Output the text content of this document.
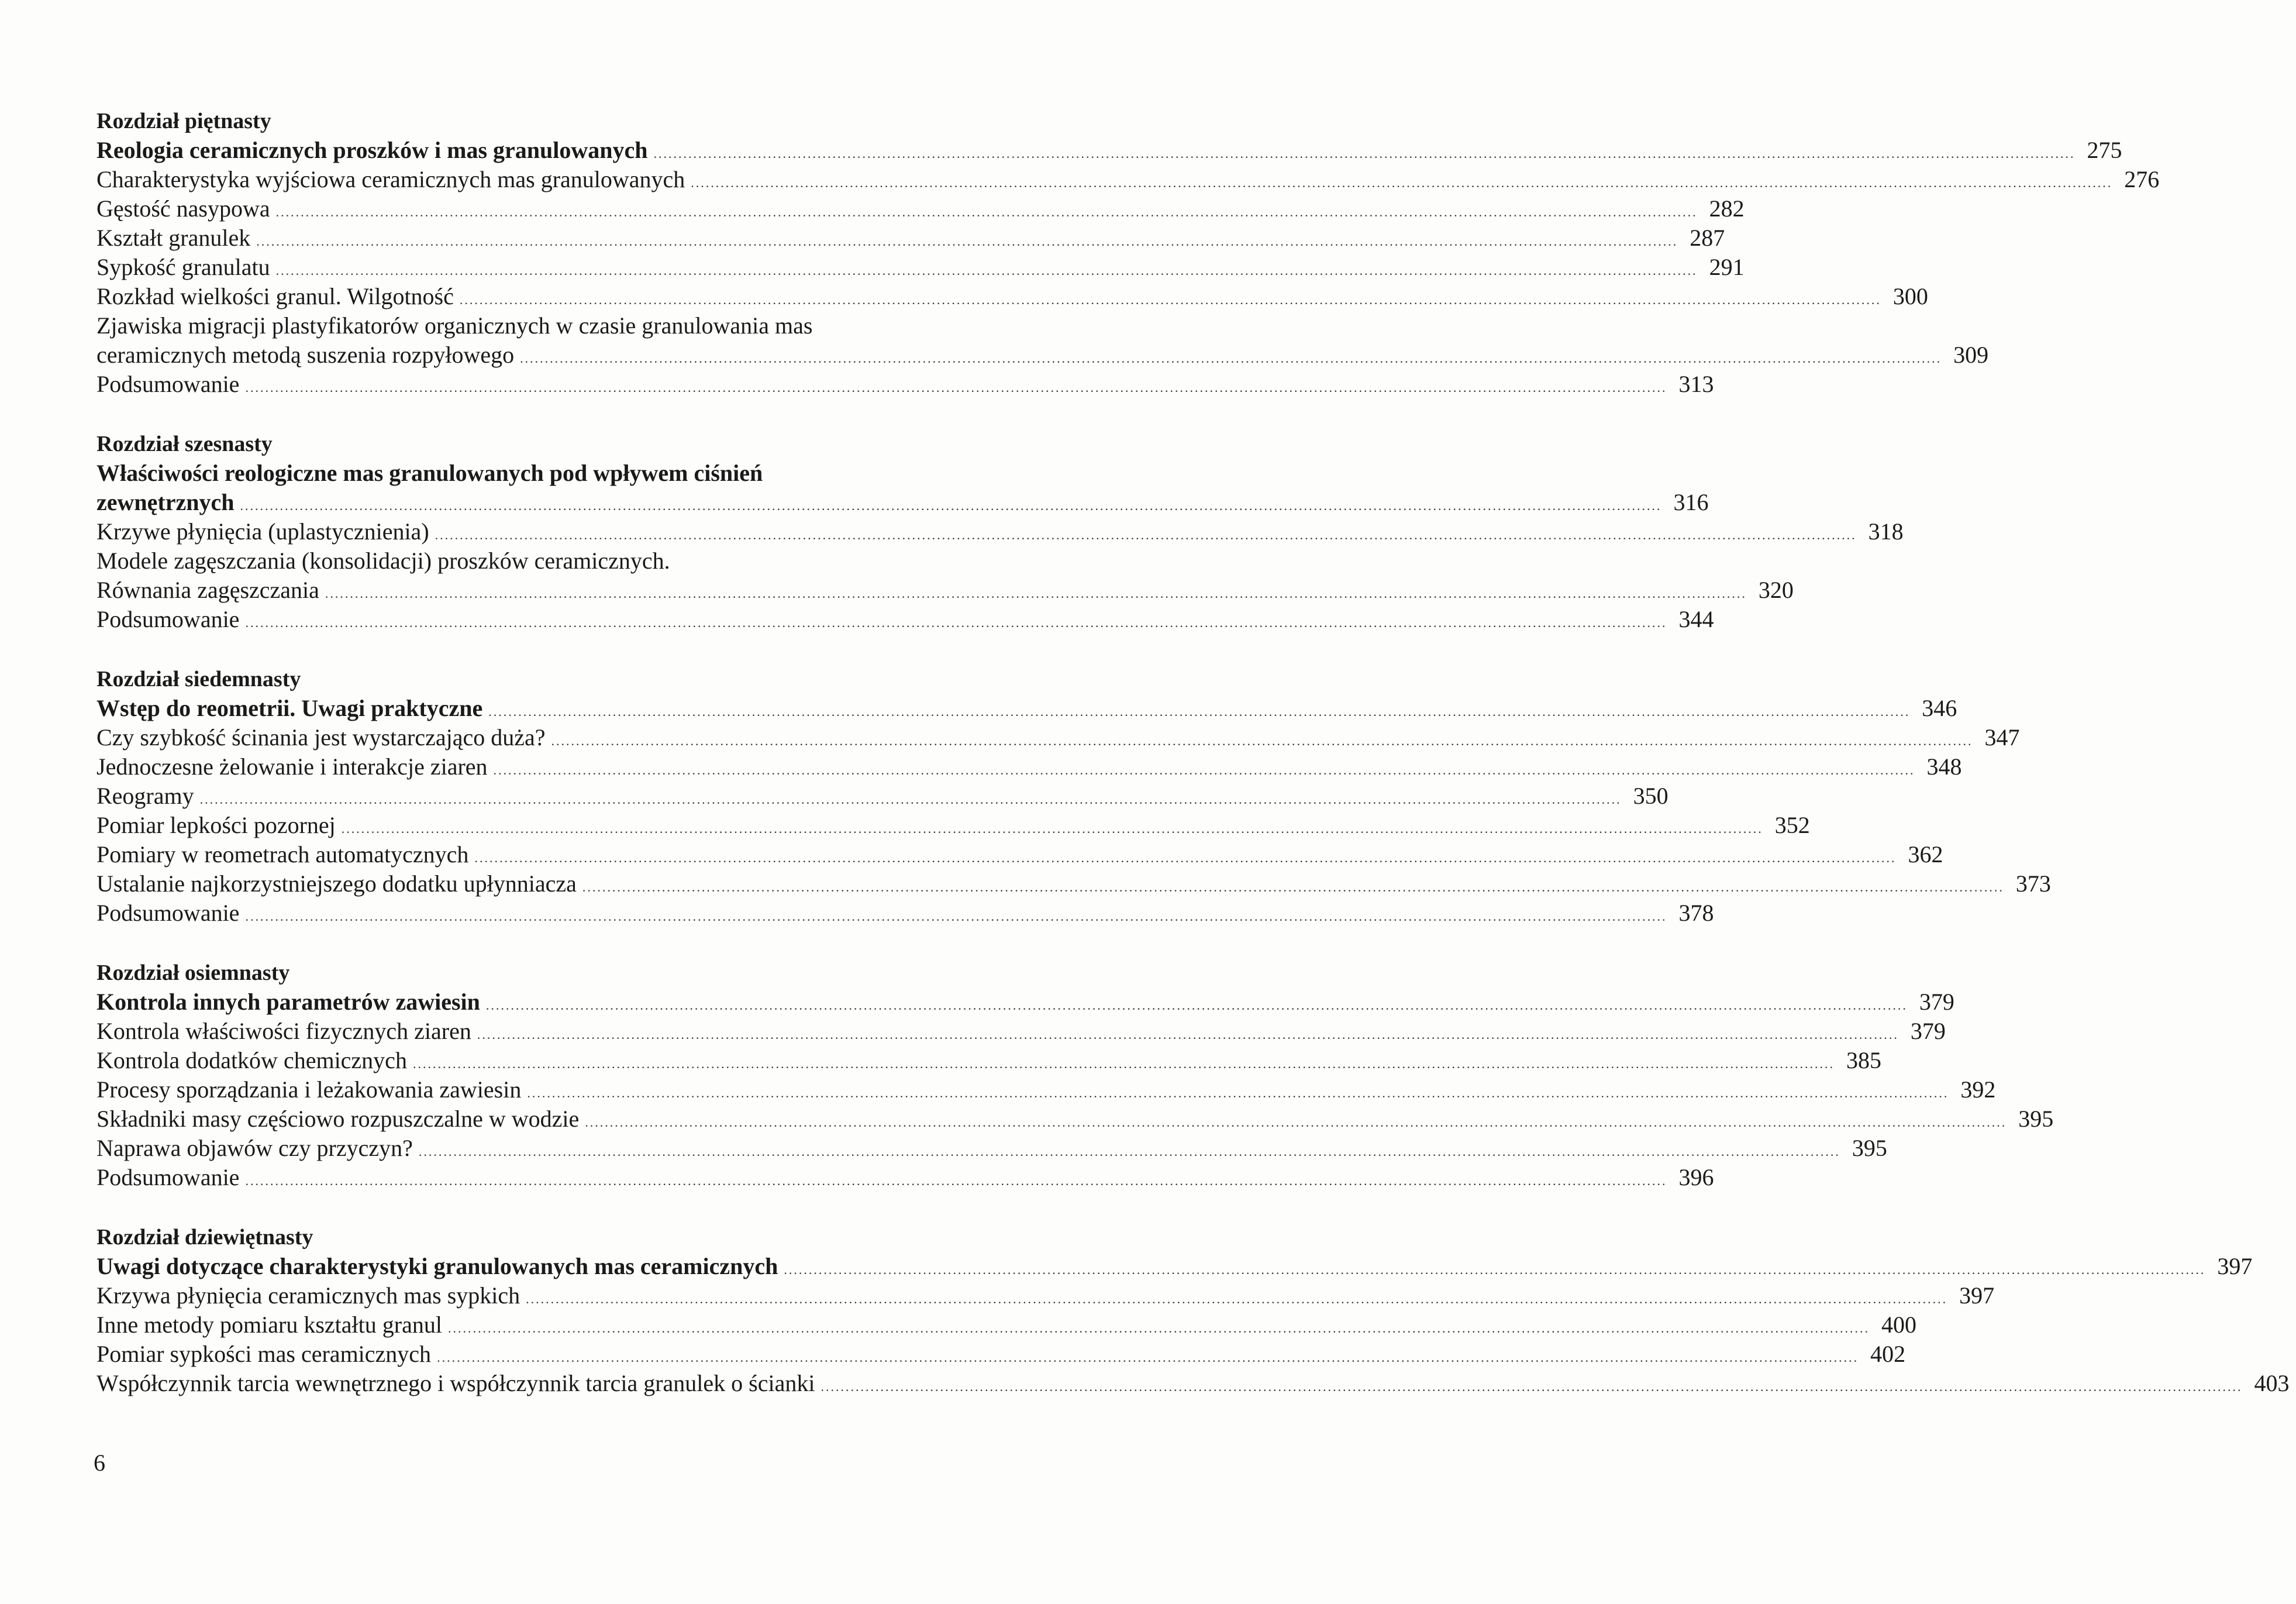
Rozdział piętnasty
Reologia ceramicznych proszków i mas granulowanych .....	275
Charakterystyka wyjściowa ceramicznych mas granulowanych .....	276
Gęstość nasypowa .....	282
Kształt granulek .....	287
Sypkość granulatu .....	291
Rozkład wielkości granul. Wilgotność .....	300
Zjawiska migracji plastyfikatorów organicznych w czasie granulowania mas
ceramicznych metodą suszenia rozpyłowego .....	309
Podsumowanie .....	313
Rozdział szesnasty
Właściwości reologiczne mas granulowanych pod wpływem ciśnień
zewnętrznych .....	316
Krzywe płynięcia (uplastycznienia) .....	318
Modele zagęszczania (konsolidacji) proszków ceramicznych.
Równania zagęszczania .....	320
Podsumowanie .....	344
Rozdział siedemnasty
Wstęp do reometrii. Uwagi praktyczne .....	346
Czy szybkość ścinania jest wystarczająco duża? .....	347
Jednoczesne żelowanie i interakcje ziaren .....	348
Reogramy .....	350
Pomiar lepkości pozornej .....	352
Pomiary w reometrach automatycznych .....	362
Ustalanie najkorzystniejszego dodatku upłynniacza .....	373
Podsumowanie .....	378
Rozdział osiemnasty
Kontrola innych parametrów zawiesin .....	379
Kontrola właściwości fizycznych ziaren .....	379
Kontrola dodatków chemicznych .....	385
Procesy sporządzania i leżakowania zawiesin .....	392
Składniki masy częściowo rozpuszczalne w wodzie .....	395
Naprawa objawów czy przyczyn? .....	395
Podsumowanie .....	396
Rozdział dziewiętnasty
Uwagi dotyczące charakterystyki granulowanych mas ceramicznych .....	397
Krzywa płynięcia ceramicznych mas sypkich .....	397
Inne metody pomiaru kształtu granul .....	400
Pomiar sypkości mas ceramicznych .....	402
Współczynnik tarcia wewnętrznego i współczynnik tarcia granulek o ścianki .....	403
6
